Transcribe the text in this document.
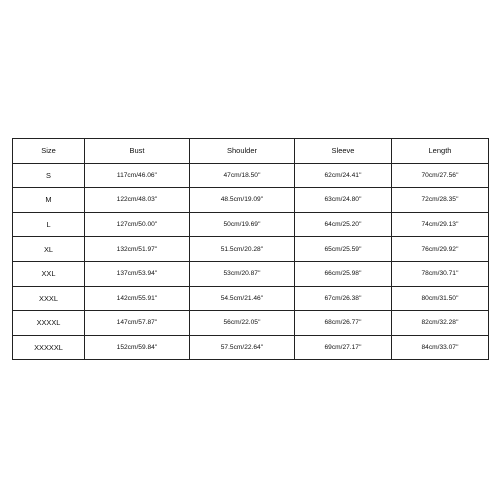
Size	Bust	Shoulder	Sleeve	Length
S	117cm/46.06''	47cm/18.50''	62cm/24.41''	70cm/27.56''
M	122cm/48.03''	48.5cm/19.09''	63cm/24.80''	72cm/28.35''
L	127cm/50.00''	50cm/19.69''	64cm/25.20''	74cm/29.13''
XL	132cm/51.97''	51.5cm/20.28''	65cm/25.59''	76cm/29.92''
XXL	137cm/53.94''	53cm/20.87''	66cm/25.98''	78cm/30.71''
XXXL	142cm/55.91''	54.5cm/21.46''	67cm/26.38''	80cm/31.50''
XXXXL	147cm/57.87''	56cm/22.05''	68cm/26.77''	82cm/32.28''
XXXXXL	152cm/59.84''	57.5cm/22.64''	69cm/27.17''	84cm/33.07''
